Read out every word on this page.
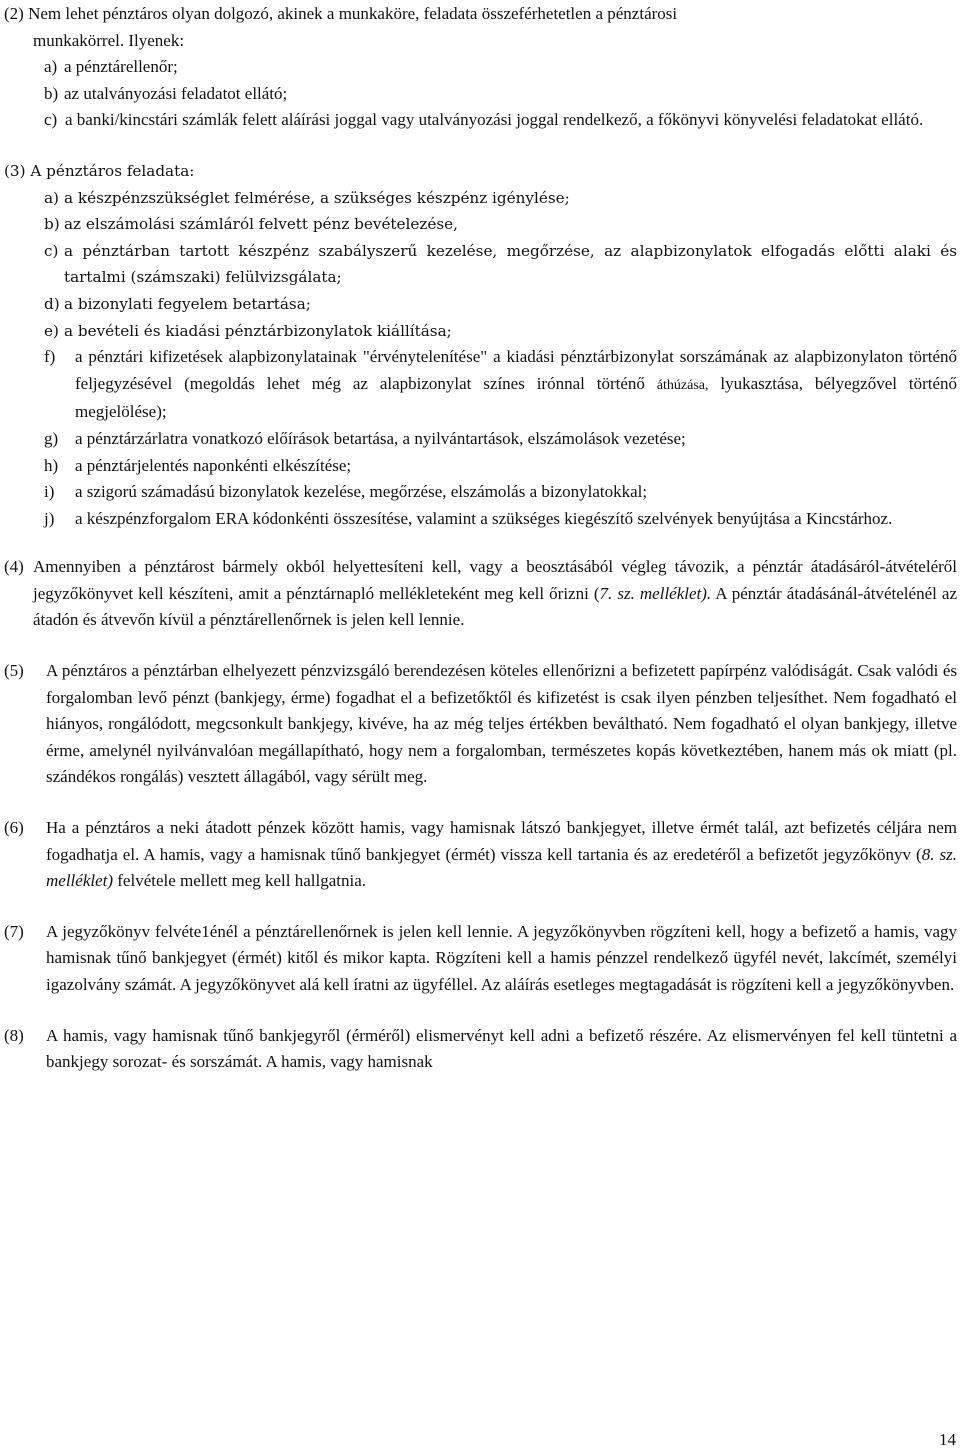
(2) Nem lehet pénztáros olyan dolgozó, akinek a munkaköre, feladata összeférhetetlen a pénztárosi

munkakörrel. Ilyenek:

a) a pénztárellenőr;
b) az utalványozási feladatot ellátó;
c) a banki/kincstári számlák felett aláírási joggal vagy utalványozási joggal rendelkező, a főkönyvi könyvelési feladatokat ellátó.

(3) A pénztáros feladata:

a) a készpénzszükséglet felmérése, a szükséges készpénz igénylése;
b) az elszámolási számláról felvett pénz bevételezése,
c) a pénztárban tartott készpénz szabályszerű kezelése, megőrzése, az alapbizonylatok elfogadás előtti alaki és tartalmi (számszaki) felülvizsgálata;
d) a bizonylati fegyelem betartása;
e) a bevételi és kiadási pénztárbizonylatok kiállítása;
f) a pénztári kifizetések alapbizonylatainak "érvénytelenítése" a kiadási pénztárbizonylat sorszámának az alapbizonylaton történő feljegyzésével (megoldás lehet még az alapbizonylat színes irónnal történő áthúzása, lyukasztása, bélyegzővel történő megjelölése);
g) a pénztárzárlatra vonatkozó előírások betartása, a nyilvántartások, elszámolások vezetése;
h) a pénztárjelentés naponkénti elkészítése;
i) a szigorú számadású bizonylatok kezelése, megőrzése, elszámolás a bizonylatokkal;
j) a készpénzforgalom ERA kódonkénti összesítése, valamint a szükséges kiegészítő szelvények benyújtása a Kincstárhoz.
(4) Amennyiben a pénztárost bármely okból helyettesíteni kell, vagy a beosztásából végleg távozik, a pénztár átadásáról-átvételéről jegyzőkönyvet kell készíteni, amit a pénztárnapló mellékleteként meg kell őrizni (7. sz. melléklet). A pénztár átadásánál-átvételénél az átadón és átvevőn kívül a pénztárellenőrnek is jelen kell lennie.
(5) A pénztáros a pénztárban elhelyezett pénzvizsgáló berendezésen köteles ellenőrizni a befizetett papírpénz valódiságát. Csak valódi és forgalomban levő pénzt (bankjegy, érme) fogadhat el a befizetőktől és kifizetést is csak ilyen pénzben teljesíthet. Nem fogadható el hiányos, rongálódott, megcsonkult bankjegy, kivéve, ha az még teljes értékben beváltható. Nem fogadható el olyan bankjegy, illetve érme, amelynél nyilvánvalóan megállapítható, hogy nem a forgalomban, természetes kopás következtében, hanem más ok miatt (pl. szándékos rongálás) vesztett állagából, vagy sérült meg.
(6) Ha a pénztáros a neki átadott pénzek között hamis, vagy hamisnak látszó bankjegyet, illetve érmét talál, azt befizetés céljára nem fogadhatja el. A hamis, vagy a hamisnak tűnő bankjegyet (érmét) vissza kell tartania és az eredetéről a befizetőt jegyzőkönyv (8. sz. melléklet) felvétele mellett meg kell hallgatnia.
(7) A jegyzőkönyv felvéte1énél a pénztárellenőrnek is jelen kell lennie. A jegyzőkönyvben rögzíteni kell, hogy a befizető a hamis, vagy hamisnak tűnő bankjegyet (érmét) kitől és mikor kapta. Rögzíteni kell a hamis pénzzel rendelkező ügyfél nevét, lakcímét, személyi igazolvány számát. A jegyzőkönyvet alá kell íratni az ügyféllel. Az aláírás esetleges megtagadását is rögzíteni kell a jegyzőkönyvben.
(8) A hamis, vagy hamisnak tűnő bankjegyről (érméről) elismervényt kell adni a befizető részére. Az elismervényen fel kell tüntetni a bankjegy sorozat- és sorszámát. A hamis, vagy hamisnak
14
